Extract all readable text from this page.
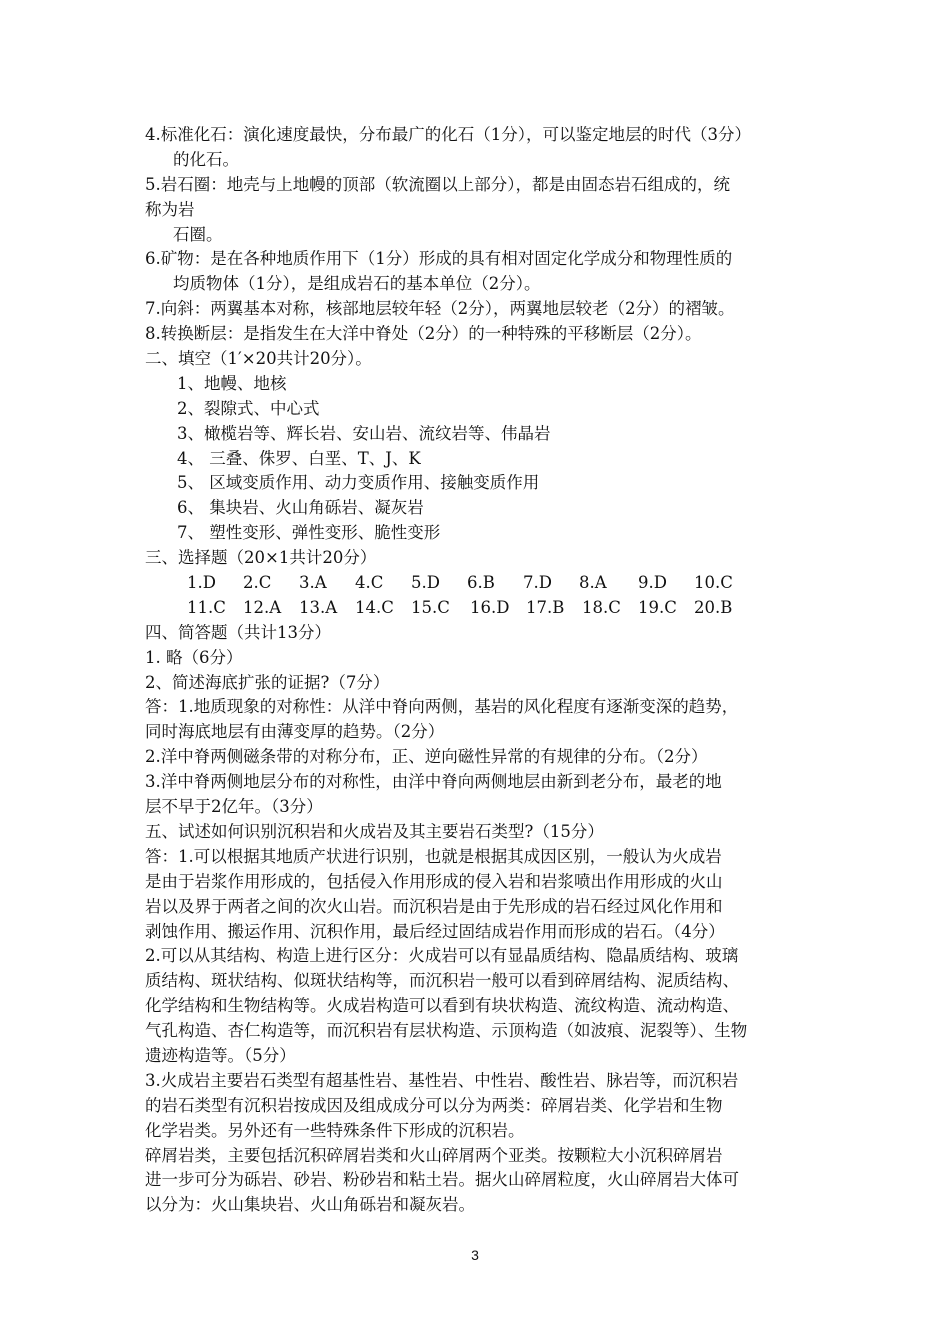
4.标准化石：演化速度最快，分布最广的化石（1分），可以鉴定地层的时代（3分）
的化石。
5.岩石圈：地壳与上地幔的顶部（软流圈以上部分），都是由固态岩石组成的，统
称为岩
石圈。
6.矿物：是在各种地质作用下（1分）形成的具有相对固定化学成分和物理性质的
均质物体（1分），是组成岩石的基本单位（2分）。
7.向斜：两翼基本对称，核部地层较年轻（2分），两翼地层较老（2分）的褶皱。
8.转换断层：是指发生在大洋中脊处（2分）的一种特殊的平移断层（2分）。
二、填空（1′×20共计20分）。
1、地幔、地核
2、裂隙式、中心式
3、橄榄岩等、辉长岩、安山岩、流纹岩等、伟晶岩
4、 三叠、侏罗、白垩、T、J、K
5、 区域变质作用、动力变质作用、接触变质作用
6、 集块岩、火山角砾岩、凝灰岩
7、 塑性变形、弹性变形、脆性变形
三、选择题（20×1共计20分）
1.D	2.C	3.A	4.C	5.D	6.B	7.D	8.A	9.D	10.C
11.C	12.A	13.A	14.C	15.C	16.D	17.B	18.C	19.C	20.B
四、简答题（共计13分）
1. 略（6分）
2、简述海底扩张的证据?（7分）
答：1.地质现象的对称性：从洋中脊向两侧，基岩的风化程度有逐渐变深的趋势，
同时海底地层有由薄变厚的趋势。（2分）
2.洋中脊两侧磁条带的对称分布，正、逆向磁性异常的有规律的分布。（2分）
3.洋中脊两侧地层分布的对称性，由洋中脊向两侧地层由新到老分布，最老的地
层不早于2亿年。（3分）
五、试述如何识别沉积岩和火成岩及其主要岩石类型?（15分）
答：1.可以根据其地质产状进行识别，也就是根据其成因区别，一般认为火成岩
是由于岩浆作用形成的，包括侵入作用形成的侵入岩和岩浆喷出作用形成的火山
岩以及界于两者之间的次火山岩。而沉积岩是由于先形成的岩石经过风化作用和
剥蚀作用、搬运作用、沉积作用，最后经过固结成岩作用而形成的岩石。（4分）
2.可以从其结构、构造上进行区分：火成岩可以有显晶质结构、隐晶质结构、玻璃
质结构、斑状结构、似斑状结构等，而沉积岩一般可以看到碎屑结构、泥质结构、
化学结构和生物结构等。火成岩构造可以看到有块状构造、流纹构造、流动构造、
气孔构造、杏仁构造等，而沉积岩有层状构造、示顶构造（如波痕、泥裂等）、生物
遗迹构造等。（5分）
3.火成岩主要岩石类型有超基性岩、基性岩、中性岩、酸性岩、脉岩等，而沉积岩
的岩石类型有沉积岩按成因及组成成分可以分为两类：碎屑岩类、化学岩和生物
化学岩类。另外还有一些特殊条件下形成的沉积岩。
碎屑岩类，主要包括沉积碎屑岩类和火山碎屑两个亚类。按颗粒大小沉积碎屑岩
进一步可分为砾岩、砂岩、粉砂岩和粘土岩。据火山碎屑粒度，火山碎屑岩大体可
以分为：火山集块岩、火山角砾岩和凝灰岩。
3
